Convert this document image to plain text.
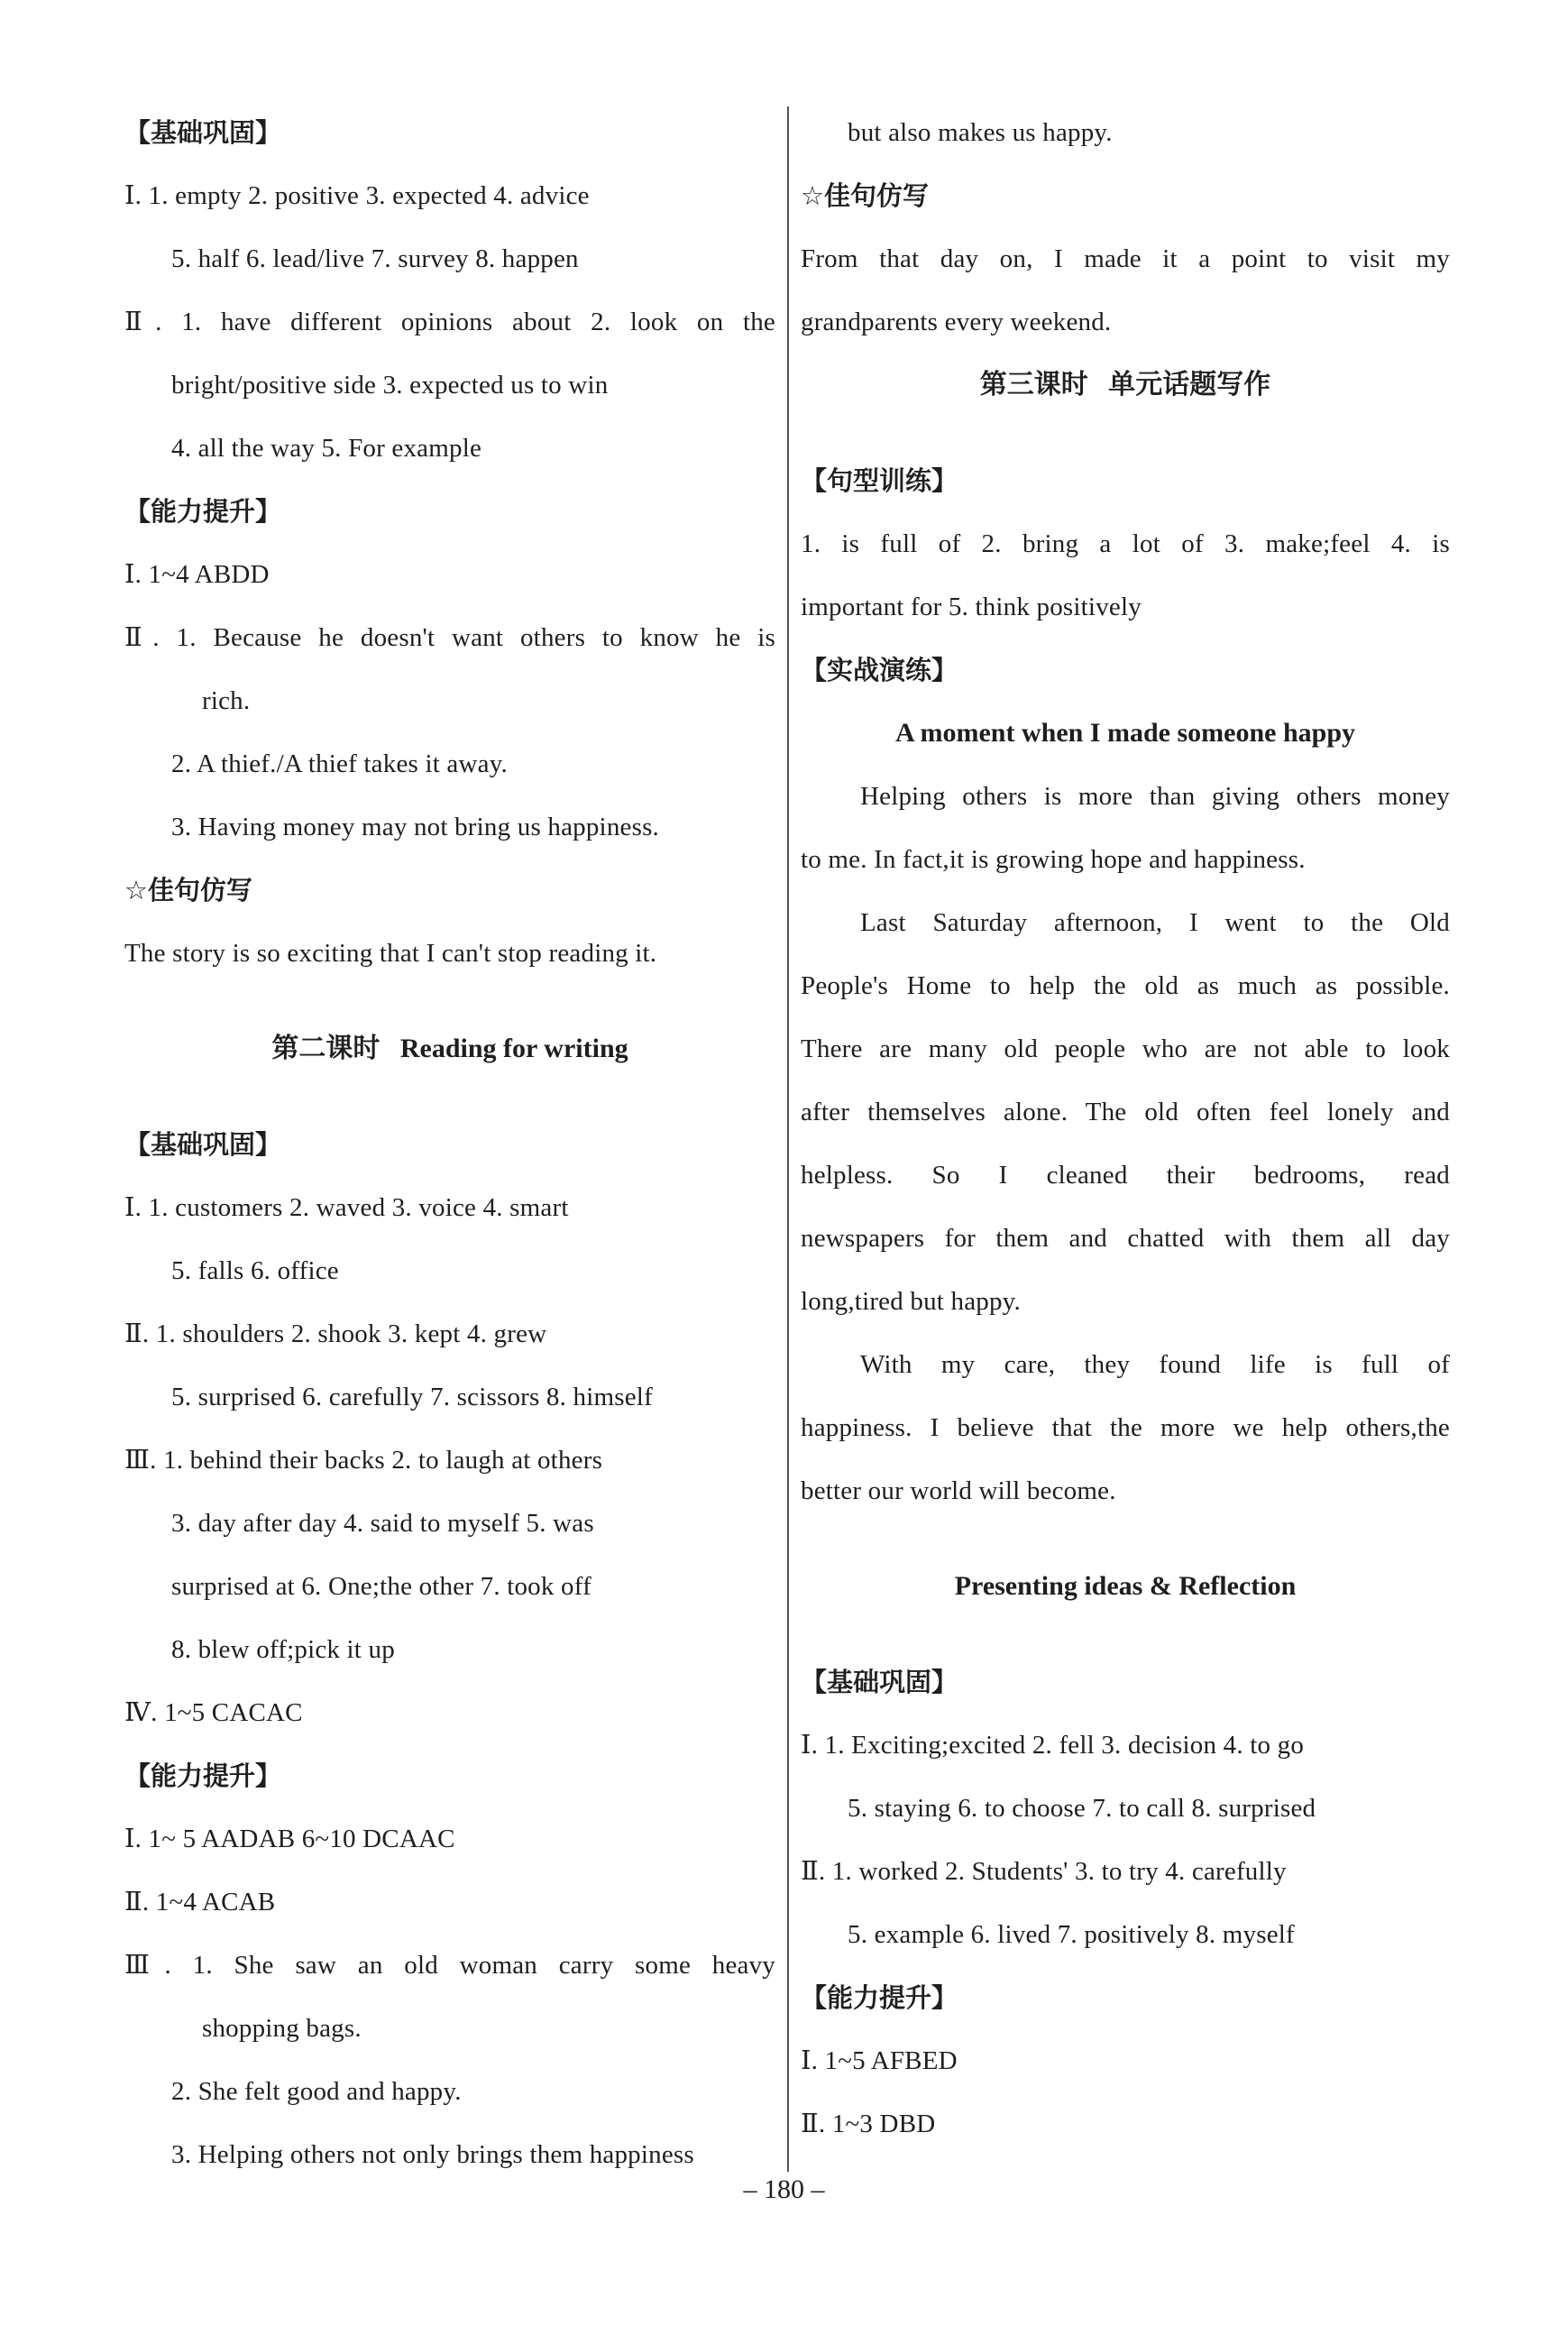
【基础巩固】
Ⅰ. 1. empty 2. positive 3. expected 4. advice
5. half 6. lead/live 7. survey 8. happen
Ⅱ. 1. have different opinions about 2. look on the
bright/positive side 3. expected us to win
4. all the way 5. For example
【能力提升】
Ⅰ. 1~4 ABDD
Ⅱ. 1. Because he doesn't want others to know he is
rich.
2. A thief./A thief takes it away.
3. Having money may not bring us happiness.
☆佳句仿写
The story is so exciting that I can't stop reading it.
第二课时 Reading for writing
【基础巩固】
Ⅰ. 1. customers 2. waved 3. voice 4. smart
5. falls 6. office
Ⅱ. 1. shoulders 2. shook 3. kept 4. grew
5. surprised 6. carefully 7. scissors 8. himself
Ⅲ. 1. behind their backs 2. to laugh at others
3. day after day 4. said to myself 5. was
surprised at 6. One;the other 7. took off
8. blew off;pick it up
Ⅳ. 1~5 CACAC
【能力提升】
Ⅰ. 1~ 5 AADAB 6~10 DCAAC
Ⅱ. 1~4 ACAB
Ⅲ. 1. She saw an old woman carry some heavy
shopping bags.
2. She felt good and happy.
3. Helping others not only brings them happiness
but also makes us happy.
☆佳句仿写
From that day on, I made it a point to visit my
grandparents every weekend.
第三课时 单元话题写作
【句型训练】
1. is full of 2. bring a lot of 3. make;feel 4. is
important for 5. think positively
【实战演练】
A moment when I made someone happy
Helping others is more than giving others money
to me. In fact,it is growing hope and happiness.
Last Saturday afternoon, I went to the Old
People's Home to help the old as much as possible.
There are many old people who are not able to look
after themselves alone. The old often feel lonely and
helpless. So I cleaned their bedrooms, read
newspapers for them and chatted with them all day
long,tired but happy.
With my care, they found life is full of
happiness. I believe that the more we help others,the
better our world will become.
Presenting ideas & Reflection
【基础巩固】
Ⅰ. 1. Exciting;excited 2. fell 3. decision 4. to go
5. staying 6. to choose 7. to call 8. surprised
Ⅱ. 1. worked 2. Students' 3. to try 4. carefully
5. example 6. lived 7. positively 8. myself
【能力提升】
Ⅰ. 1~5 AFBED
Ⅱ. 1~3 DBD
– 180 –
